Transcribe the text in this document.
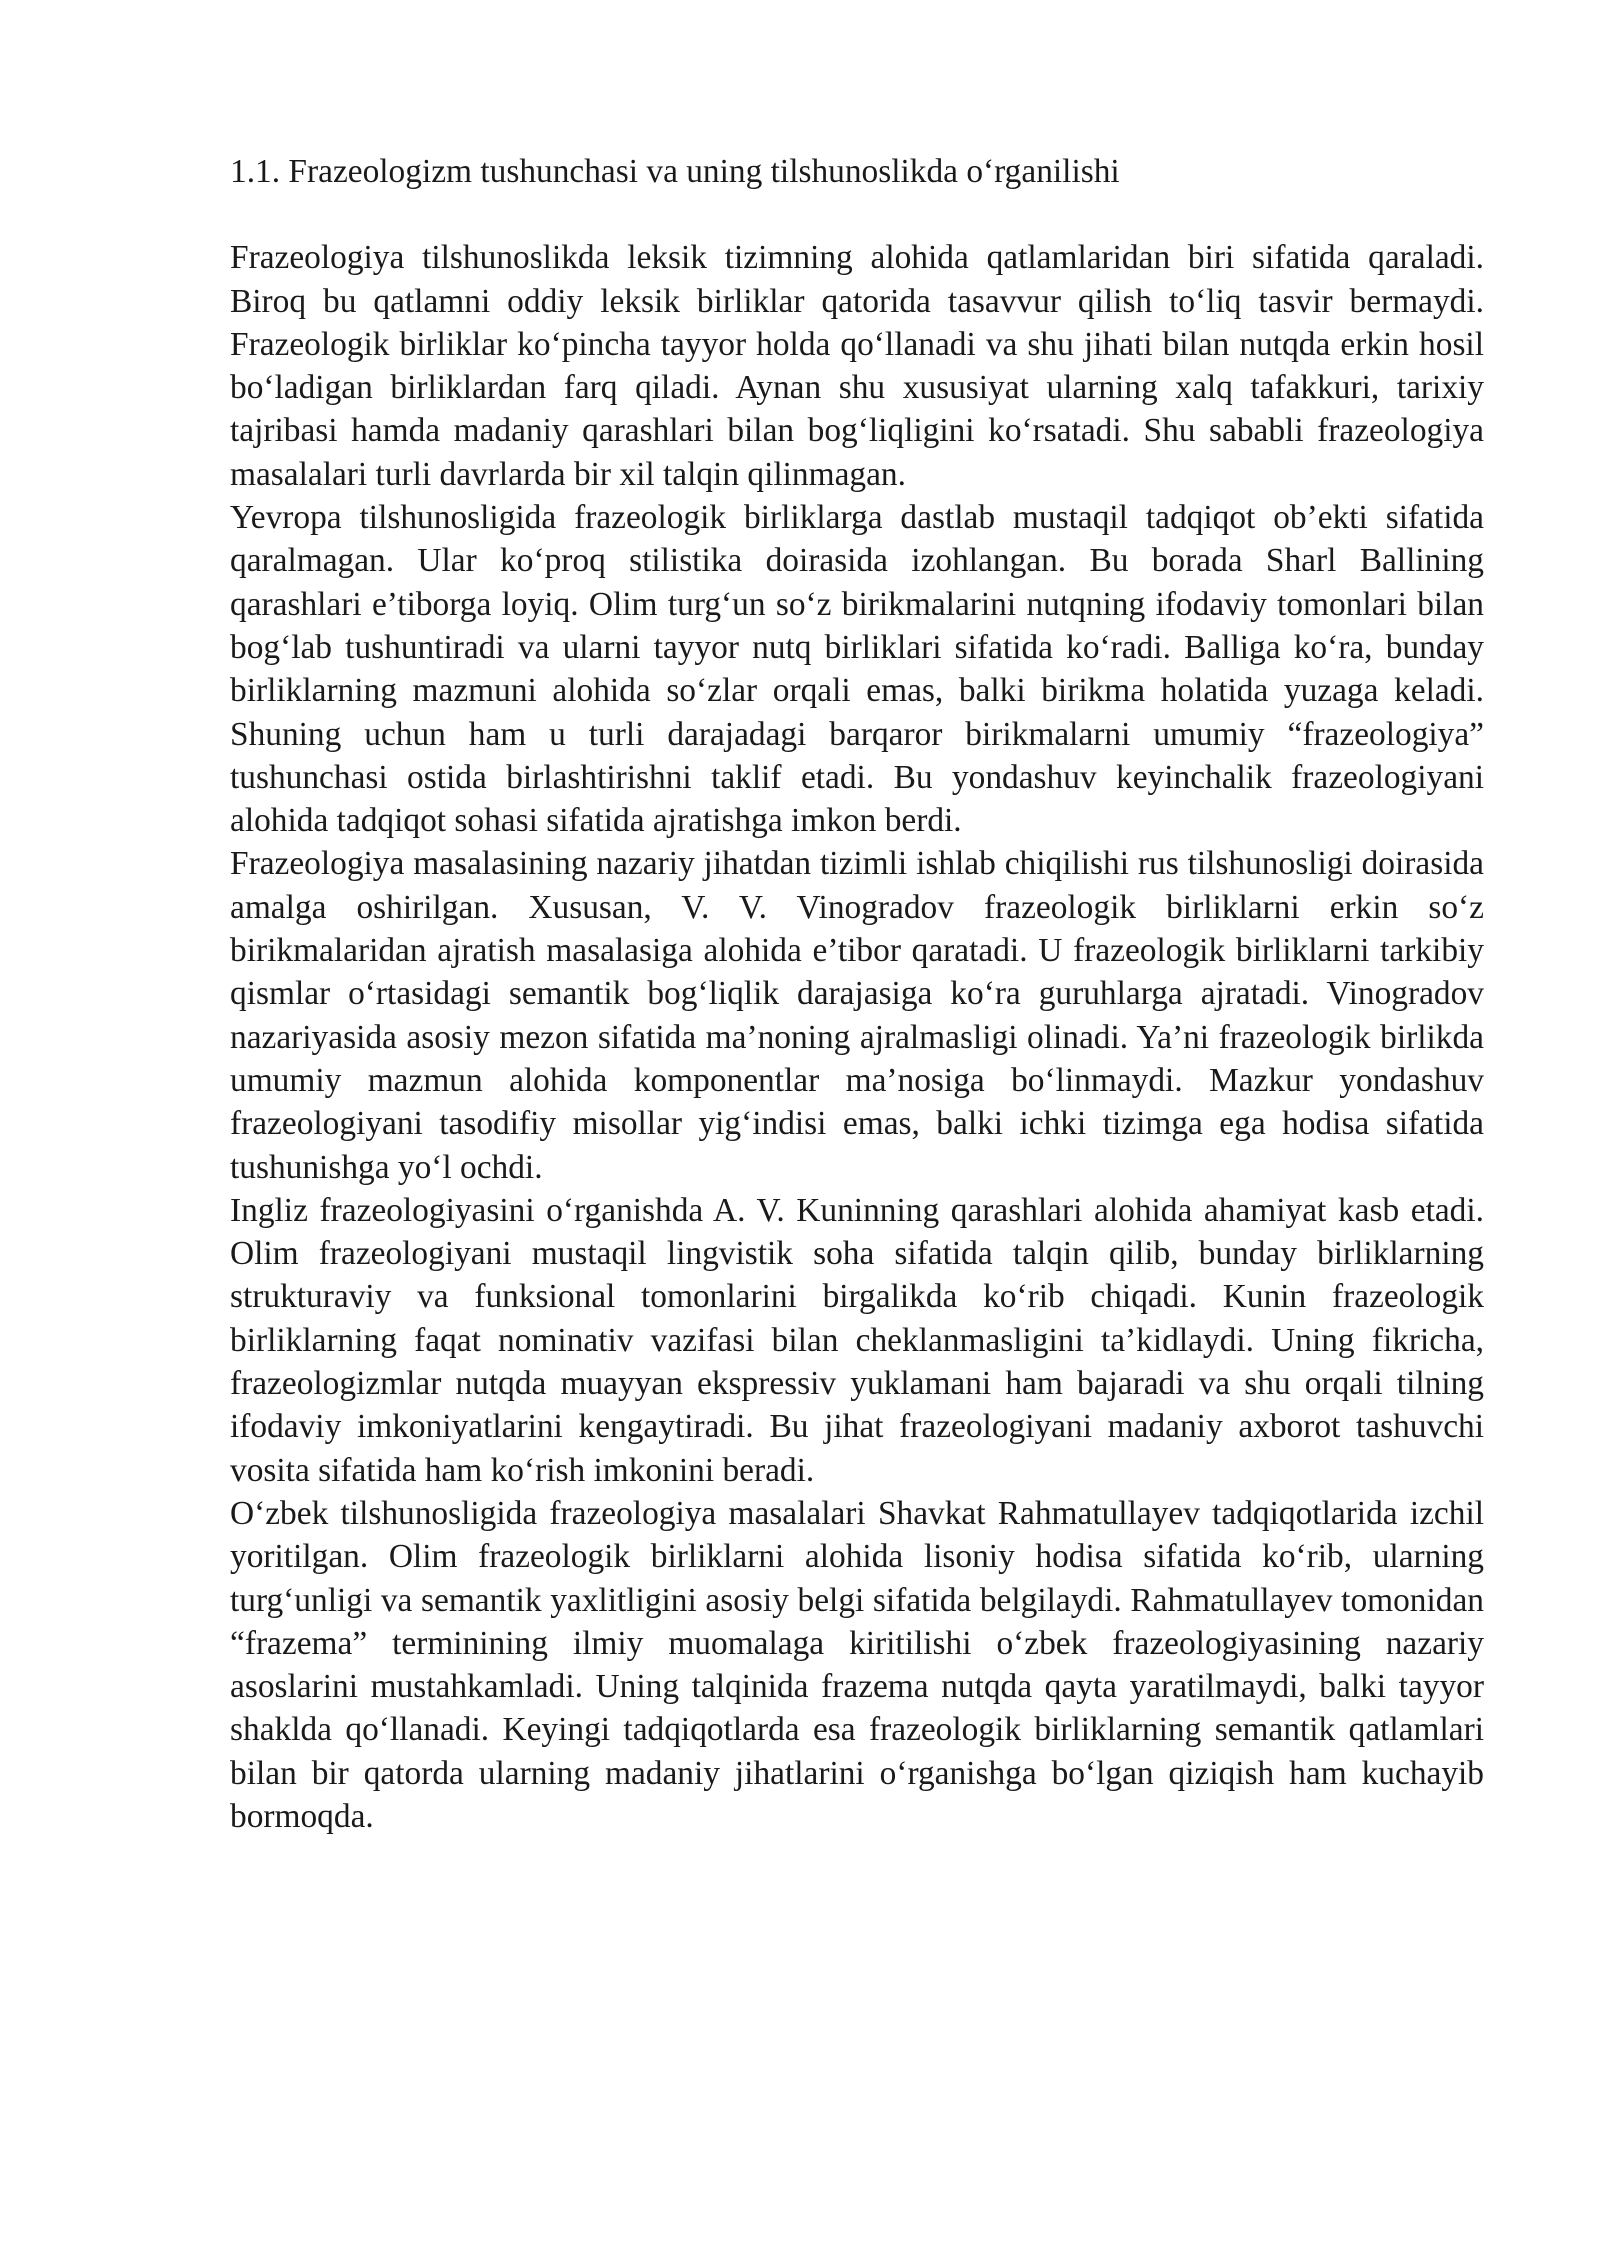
1.1. Frazeologizm tushunchasi va uning tilshunoslikda o‘rganilishi

Frazeologiya tilshunoslikda leksik tizimning alohida qatlamlaridan biri sifatida qaraladi. Biroq bu qatlamni oddiy leksik birliklar qatorida tasavvur qilish to‘liq tasvir bermaydi. Frazeologik birliklar ko‘pincha tayyor holda qo‘llanadi va shu jihati bilan nutqda erkin hosil bo‘ladigan birliklardan farq qiladi. Aynan shu xususiyat ularning xalq tafakkuri, tarixiy tajribasi hamda madaniy qarashlari bilan bog‘liqligini ko‘rsatadi. Shu sababli frazeologiya masalalari turli davrlarda bir xil talqin qilinmagan.

Yevropa tilshunosligida frazeologik birliklarga dastlab mustaqil tadqiqot ob’ekti sifatida qaralmagan. Ular ko‘proq stilistika doirasida izohlangan. Bu borada Sharl Ballining qarashlari e’tiborga loyiq. Olim turg‘un so‘z birikmalarini nutqning ifodaviy tomonlari bilan bog‘lab tushuntiradi va ularni tayyor nutq birliklari sifatida ko‘radi. Balliga ko‘ra, bunday birliklarning mazmuni alohida so‘zlar orqali emas, balki birikma holatida yuzaga keladi. Shuning uchun ham u turli darajadagi barqaror birikmalarni umumiy “frazeologiya” tushunchasi ostida birlashtirishni taklif etadi. Bu yondashuv keyinchalik frazeologiyani alohida tadqiqot sohasi sifatida ajratishga imkon berdi.

Frazeologiya masalasining nazariy jihatdan tizimli ishlab chiqilishi rus tilshunosligi doirasida amalga oshirilgan. Xususan, V. V. Vinogradov frazeologik birliklarni erkin so‘z birikmalaridan ajratish masalasiga alohida e’tibor qaratadi. U frazeologik birliklarni tarkibiy qismlar o‘rtasidagi semantik bog‘liqlik darajasiga ko‘ra guruhlarga ajratadi. Vinogradov nazariyasida asosiy mezon sifatida ma’noning ajralmasligi olinadi. Ya’ni frazeologik birlikda umumiy mazmun alohida komponentlar ma’nosiga bo‘linmaydi. Mazkur yondashuv frazeologiyani tasodifiy misollar yig‘indisi emas, balki ichki tizimga ega hodisa sifatida tushunishga yo‘l ochdi.

Ingliz frazeologiyasini o‘rganishda A. V. Kuninning qarashlari alohida ahamiyat kasb etadi. Olim frazeologiyani mustaqil lingvistik soha sifatida talqin qilib, bunday birliklarning strukturaviy va funksional tomonlarini birgalikda ko‘rib chiqadi. Kunin frazeologik birliklarning faqat nominativ vazifasi bilan cheklanmasligini ta’kidlaydi. Uning fikricha, frazeologizmlar nutqda muayyan ekspressiv yuklamani ham bajaradi va shu orqali tilning ifodaviy imkoniyatlarini kengaytiradi. Bu jihat frazeologiyani madaniy axborot tashuvchi vosita sifatida ham ko‘rish imkonini beradi.

O‘zbek tilshunosligida frazeologiya masalalari Shavkat Rahmatullayev tadqiqotlarida izchil yoritilgan. Olim frazeologik birliklarni alohida lisoniy hodisa sifatida ko‘rib, ularning turg‘unligi va semantik yaxlitligini asosiy belgi sifatida belgilaydi. Rahmatullayev tomonidan “frazema” terminining ilmiy muomalaga kiritilishi o‘zbek frazeologiyasining nazariy asoslarini mustahkamladi. Uning talqinida frazema nutqda qayta yaratilmaydi, balki tayyor shaklda qo‘llanadi. Keyingi tadqiqotlarda esa frazeologik birliklarning semantik qatlamlari bilan bir qatorda ularning madaniy jihatlarini o‘rganishga bo‘lgan qiziqish ham kuchayib bormoqda.
